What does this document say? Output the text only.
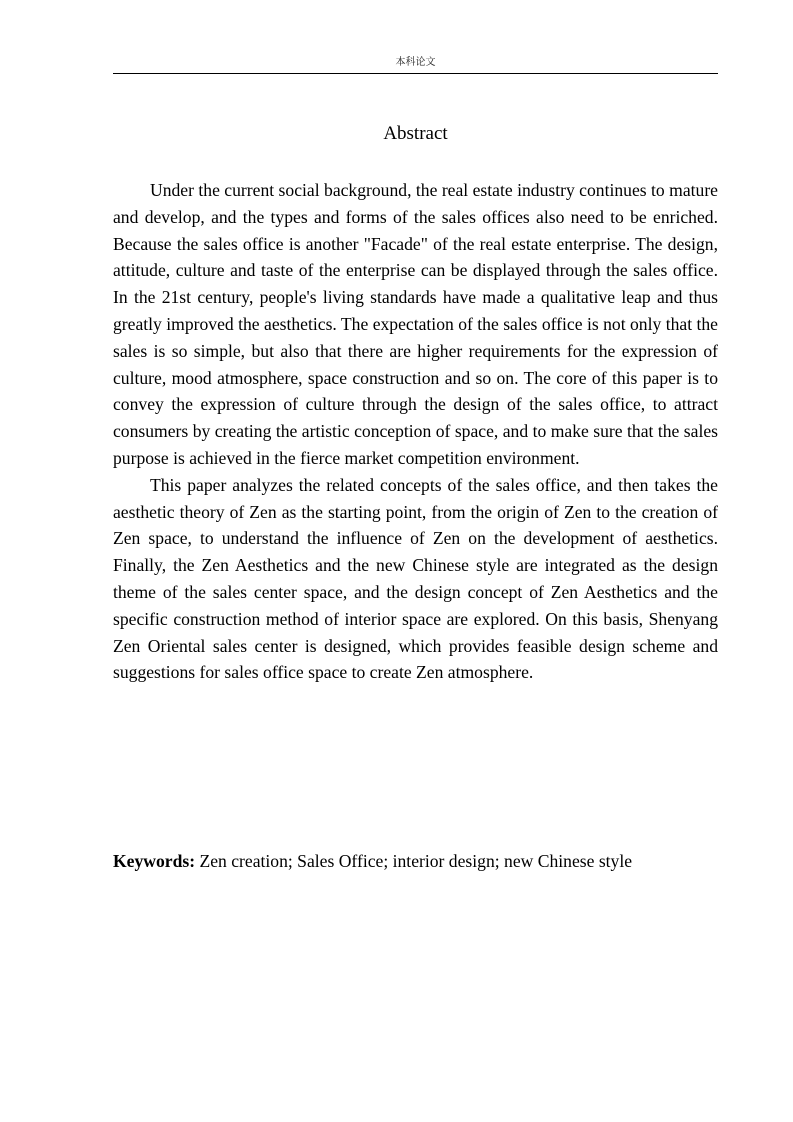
本科论文
Abstract

Under the current social background, the real estate industry continues to mature and develop, and the types and forms of the sales offices also need to be enriched. Because the sales office is another "Facade" of the real estate enterprise. The design, attitude, culture and taste of the enterprise can be displayed through the sales office. In the 21st century, people's living standards have made a qualitative leap and thus greatly improved the aesthetics. The expectation of the sales office is not only that the sales is so simple, but also that there are higher requirements for the expression of culture, mood atmosphere, space construction and so on. The core of this paper is to convey the expression of culture through the design of the sales office, to attract consumers by creating the artistic conception of space, and to make sure that the sales purpose is achieved in the fierce market competition environment.

This paper analyzes the related concepts of the sales office, and then takes the aesthetic theory of Zen as the starting point, from the origin of Zen to the creation of Zen space, to understand the influence of Zen on the development of aesthetics. Finally, the Zen Aesthetics and the new Chinese style are integrated as the design theme of the sales center space, and the design concept of Zen Aesthetics and the specific construction method of interior space are explored. On this basis, Shenyang Zen Oriental sales center is designed, which provides feasible design scheme and suggestions for sales office space to create Zen atmosphere.

Keywords: Zen creation; Sales Office; interior design; new Chinese style
